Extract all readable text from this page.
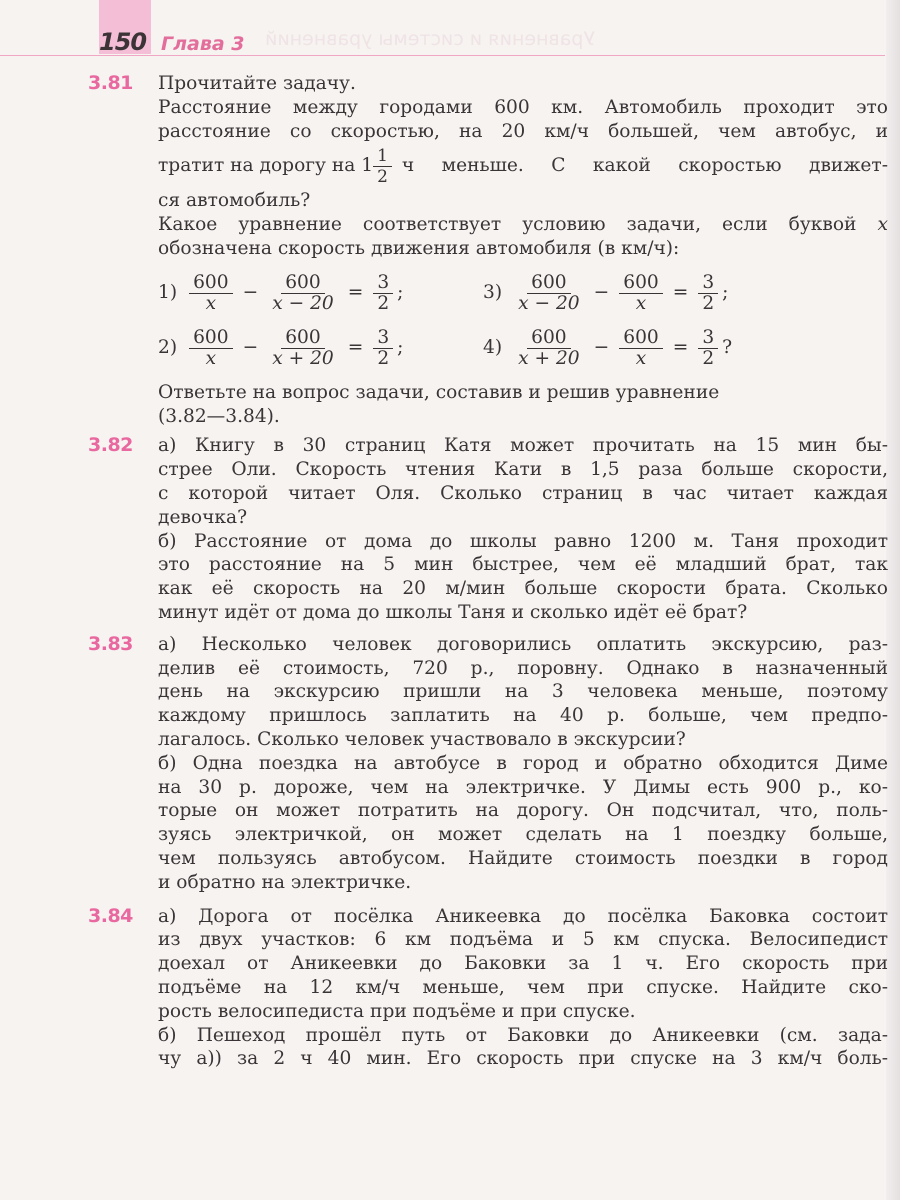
Уравнения и системы уравнений
150 Глава 3
3.81 Прочитайте задачу.
Расстояние между городами 600 км. Автомобиль проходит это
расстояние со скоростью, на 20 км/ч большей, чем автобус, и
тратит на дорогу на $1 \frac{1}{2}$ ч меньше. С какой скоростью движет-
ся автомобиль?
Какое уравнение соответствует условию задачи, если буквой x
обозначена скорость движения автомобиля (в км/ч):
$1) \frac{600}{x} - \frac{600}{x - 20} = \frac{3}{2}$ ;	$3) \frac{600}{x - 20} - \frac{600}{x} = \frac{3}{2}$ ;
$2) \frac{600}{x} - \frac{600}{x + 20} = \frac{3}{2}$ ;	$4) \frac{600}{x + 20} - \frac{600}{x} = \frac{3}{2}$ ?
Ответьте на вопрос задачи, составив и решив уравнение
(3.82—3.84).
3.82 а) Книгу в 30 страниц Катя может прочитать на 15 мин бы-
стрее Оли. Скорость чтения Кати в 1,5 раза больше скорости,
с которой читает Оля. Сколько страниц в час читает каждая
девочка?
б) Расстояние от дома до школы равно 1200 м. Таня проходит
это расстояние на 5 мин быстрее, чем её младший брат, так
как её скорость на 20 м/мин больше скорости брата. Сколько
минут идёт от дома до школы Таня и сколько идёт её брат?
3.83 а) Несколько человек договорились оплатить экскурсию, раз-
делив её стоимость, 720 р., поровну. Однако в назначенный
день на экскурсию пришли на 3 человека меньше, поэтому
каждому пришлось заплатить на 40 р. больше, чем предпо-
лагалось. Сколько человек участвовало в экскурсии?
б) Одна поездка на автобусе в город и обратно обходится Диме
на 30 р. дороже, чем на электричке. У Димы есть 900 р., ко-
торые он может потратить на дорогу. Он подсчитал, что, поль-
зуясь электричкой, он может сделать на 1 поездку больше,
чем пользуясь автобусом. Найдите стоимость поездки в город
и обратно на электричке.
3.84 а) Дорога от посёлка Аникеевка до посёлка Баковка состоит
из двух участков: 6 км подъёма и 5 км спуска. Велосипедист
доехал от Аникеевки до Баковки за 1 ч. Его скорость при
подъёме на 12 км/ч меньше, чем при спуске. Найдите ско-
рость велосипедиста при подъёме и при спуске.
б) Пешеход прошёл путь от Баковки до Аникеевки (см. зада-
чу а)) за 2 ч 40 мин. Его скорость при спуске на 3 км/ч боль-
